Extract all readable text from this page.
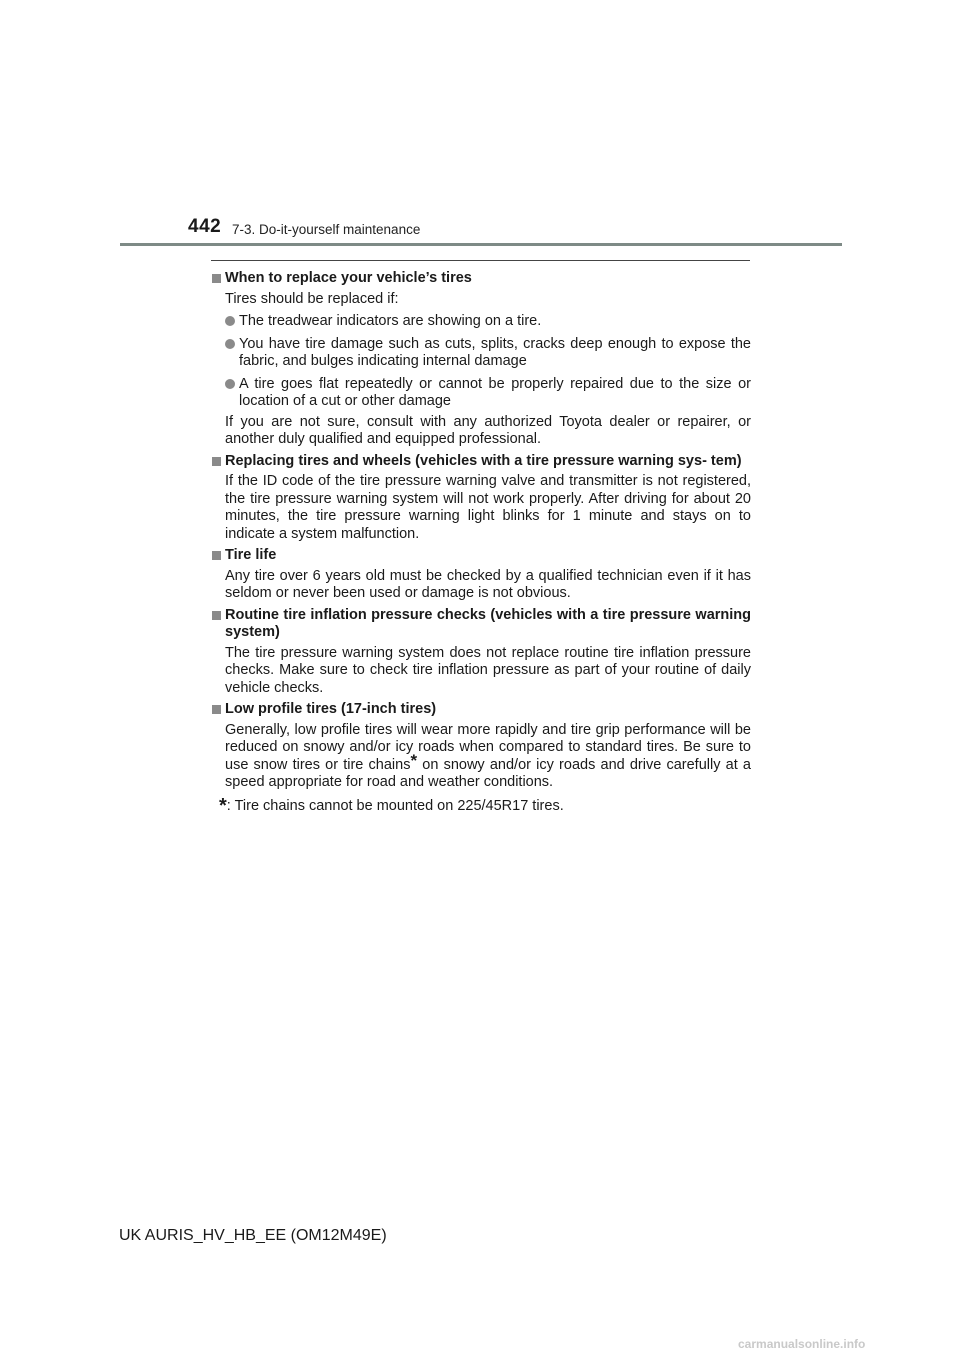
442 7-3. Do-it-yourself maintenance
When to replace your vehicle’s tires
Tires should be replaced if:
The treadwear indicators are showing on a tire.
You have tire damage such as cuts, splits, cracks deep enough to expose the fabric, and bulges indicating internal damage
A tire goes flat repeatedly or cannot be properly repaired due to the size or location of a cut or other damage
If you are not sure, consult with any authorized Toyota dealer or repairer, or another duly qualified and equipped professional.
Replacing tires and wheels (vehicles with a tire pressure warning sys- tem)
If the ID code of the tire pressure warning valve and transmitter is not registered, the tire pressure warning system will not work properly. After driving for about 20 minutes, the tire pressure warning light blinks for 1 minute and stays on to indicate a system malfunction.
Tire life
Any tire over 6 years old must be checked by a qualified technician even if it has seldom or never been used or damage is not obvious.
Routine tire inflation pressure checks (vehicles with a tire pressure warning system)
The tire pressure warning system does not replace routine tire inflation pressure checks. Make sure to check tire inflation pressure as part of your routine of daily vehicle checks.
Low profile tires (17-inch tires)
Generally, low profile tires will wear more rapidly and tire grip performance will be reduced on snowy and/or icy roads when compared to standard tires. Be sure to use snow tires or tire chains* on snowy and/or icy roads and drive carefully at a speed appropriate for road and weather conditions.
*: Tire chains cannot be mounted on 225/45R17 tires.
UK AURIS_HV_HB_EE (OM12M49E)
carmanualsonline.info
